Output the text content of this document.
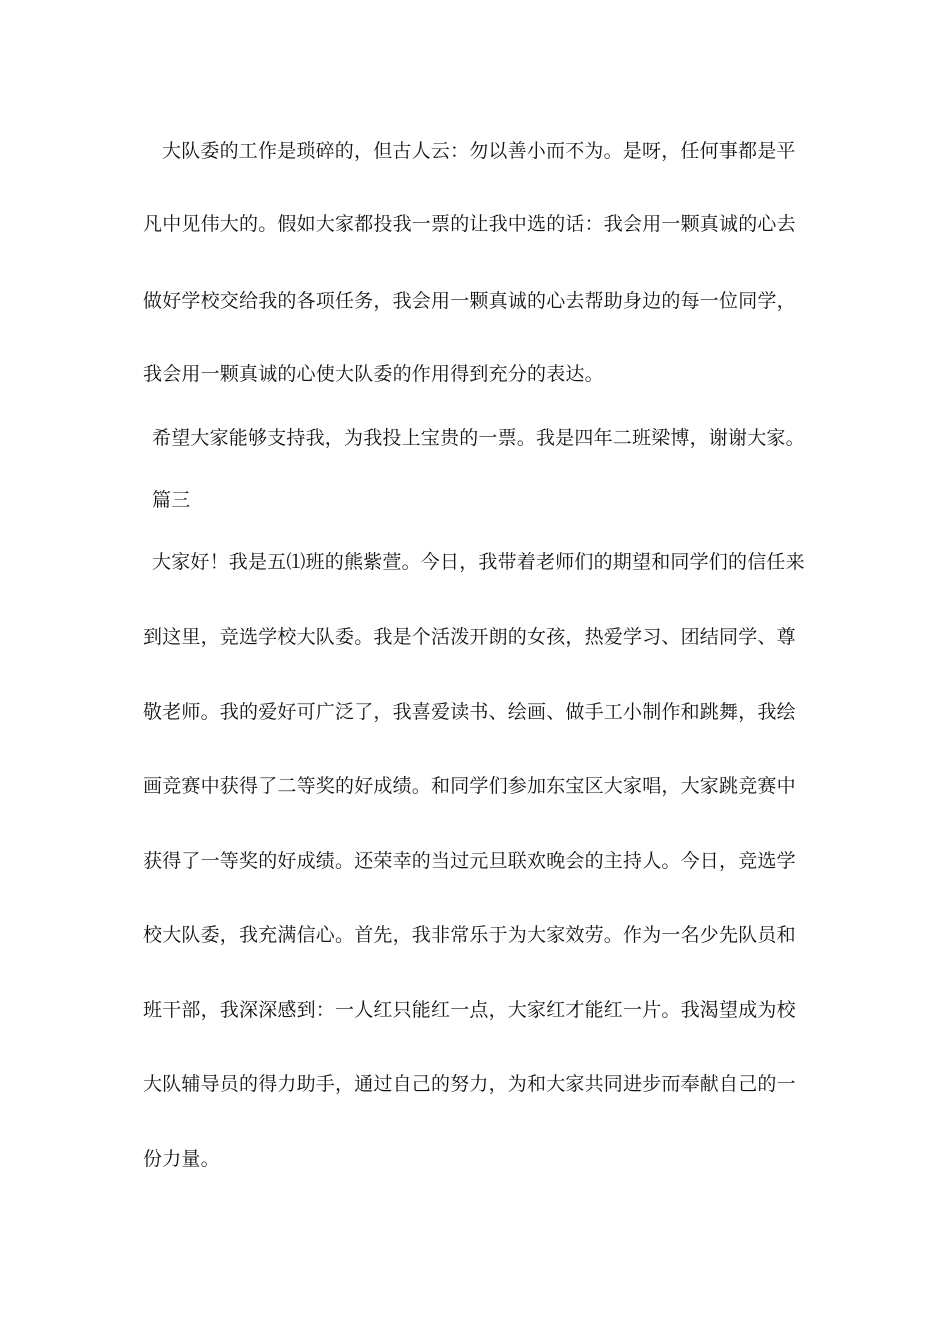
大队委的工作是琐碎的，但古人云：勿以善小而不为。是呀，任何事都是平
凡中见伟大的。假如大家都投我一票的让我中选的话：我会用一颗真诚的心去
做好学校交给我的各项任务，我会用一颗真诚的心去帮助身边的每一位同学，
我会用一颗真诚的心使大队委的作用得到充分的表达。
希望大家能够支持我，为我投上宝贵的一票。我是四年二班梁博，谢谢大家。
篇三
大家好！我是五⑴班的熊紫萱。今日，我带着老师们的期望和同学们的信任来
到这里，竞选学校大队委。我是个活泼开朗的女孩，热爱学习、团结同学、尊
敬老师。我的爱好可广泛了，我喜爱读书、绘画、做手工小制作和跳舞，我绘
画竞赛中获得了二等奖的好成绩。和同学们参加东宝区大家唱，大家跳竞赛中
获得了一等奖的好成绩。还荣幸的当过元旦联欢晚会的主持人。今日，竞选学
校大队委，我充满信心。首先，我非常乐于为大家效劳。作为一名少先队员和
班干部，我深深感到：一人红只能红一点，大家红才能红一片。我渴望成为校
大队辅导员的得力助手，通过自己的努力，为和大家共同进步而奉献自己的一
份力量。
